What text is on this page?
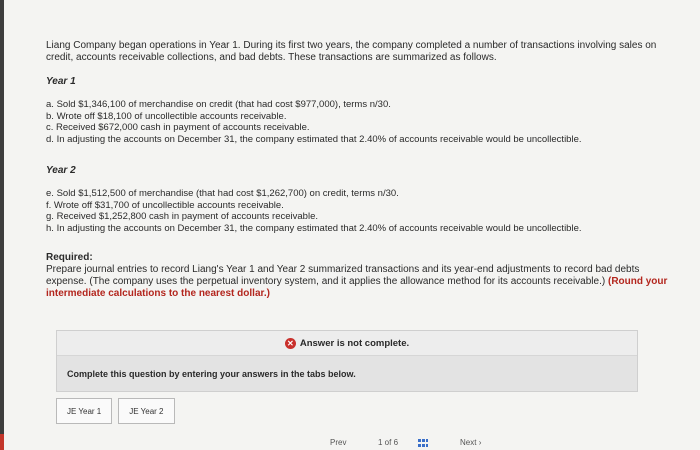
Liang Company began operations in Year 1. During its first two years, the company completed a number of transactions involving sales on credit, accounts receivable collections, and bad debts. These transactions are summarized as follows.

Year 1

a. Sold $1,346,100 of merchandise on credit (that had cost $977,000), terms n/30.
b. Wrote off $18,100 of uncollectible accounts receivable.
c. Received $672,000 cash in payment of accounts receivable.
d. In adjusting the accounts on December 31, the company estimated that 2.40% of accounts receivable would be uncollectible.

Year 2

e. Sold $1,512,500 of merchandise (that had cost $1,262,700) on credit, terms n/30.
f. Wrote off $31,700 of uncollectible accounts receivable.
g. Received $1,252,800 cash in payment of accounts receivable.
h. In adjusting the accounts on December 31, the company estimated that 2.40% of accounts receivable would be uncollectible.

Required:

Prepare journal entries to record Liang's Year 1 and Year 2 summarized transactions and its year-end adjustments to record bad debts expense. (The company uses the perpetual inventory system, and it applies the allowance method for its accounts receivable.) (Round your intermediate calculations to the nearest dollar.)

✕ Answer is not complete.
Complete this question by entering your answers in the tabs below.
JE Year 1	JE Year 2
Prev	1 of 6	Next ›
